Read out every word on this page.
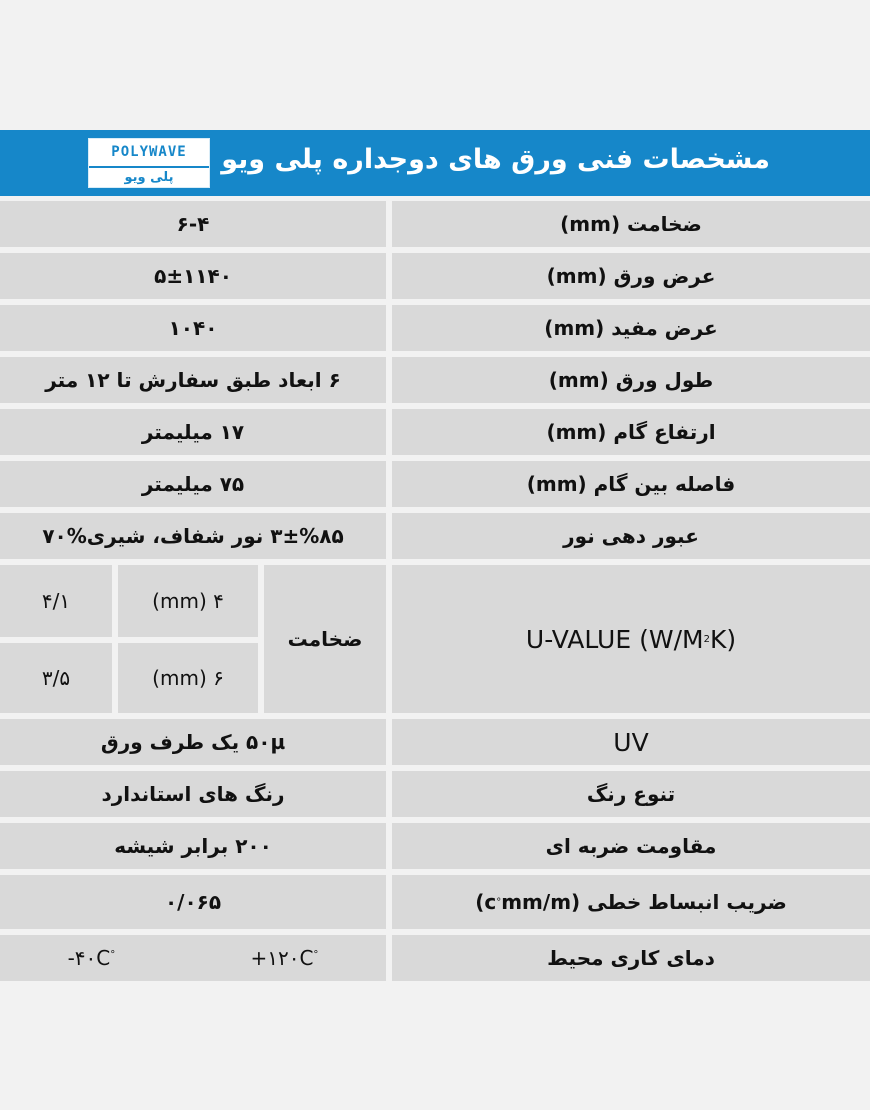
POLYWAVE
پلی ویو
مشخصات فنی ورق های دوجداره پلی ویو
ضخامت (mm)
۶-۴
عرض ورق (mm)
۵±۱۱۴۰
عرض مفید (mm)
۱۰۴۰
طول ورق (mm)
۶ ابعاد طبق سفارش تا ۱۲ متر
ارتفاع گام (mm)
۱۷ میلیمتر
فاصله بین گام (mm)
۷۵ میلیمتر
عبور دهی نور
۳±%۸۵ نور شفاف، شیری%۷۰
U-VALUE (W/M 2 K)
ضخامت
۴ (mm)
۴/۱
۶ (mm)
۳/۵
UV
۵۰µ یک طرف ورق
تنوع رنگ
رنگ های استاندارد
مقاومت ضربه ای
۲۰۰ برابر شیشه
ضریب انبساط خطی (mm/m
°
c)
۰/۰۶۵
دمای کاری محیط
-۴۰C°	+۱۲۰C°
